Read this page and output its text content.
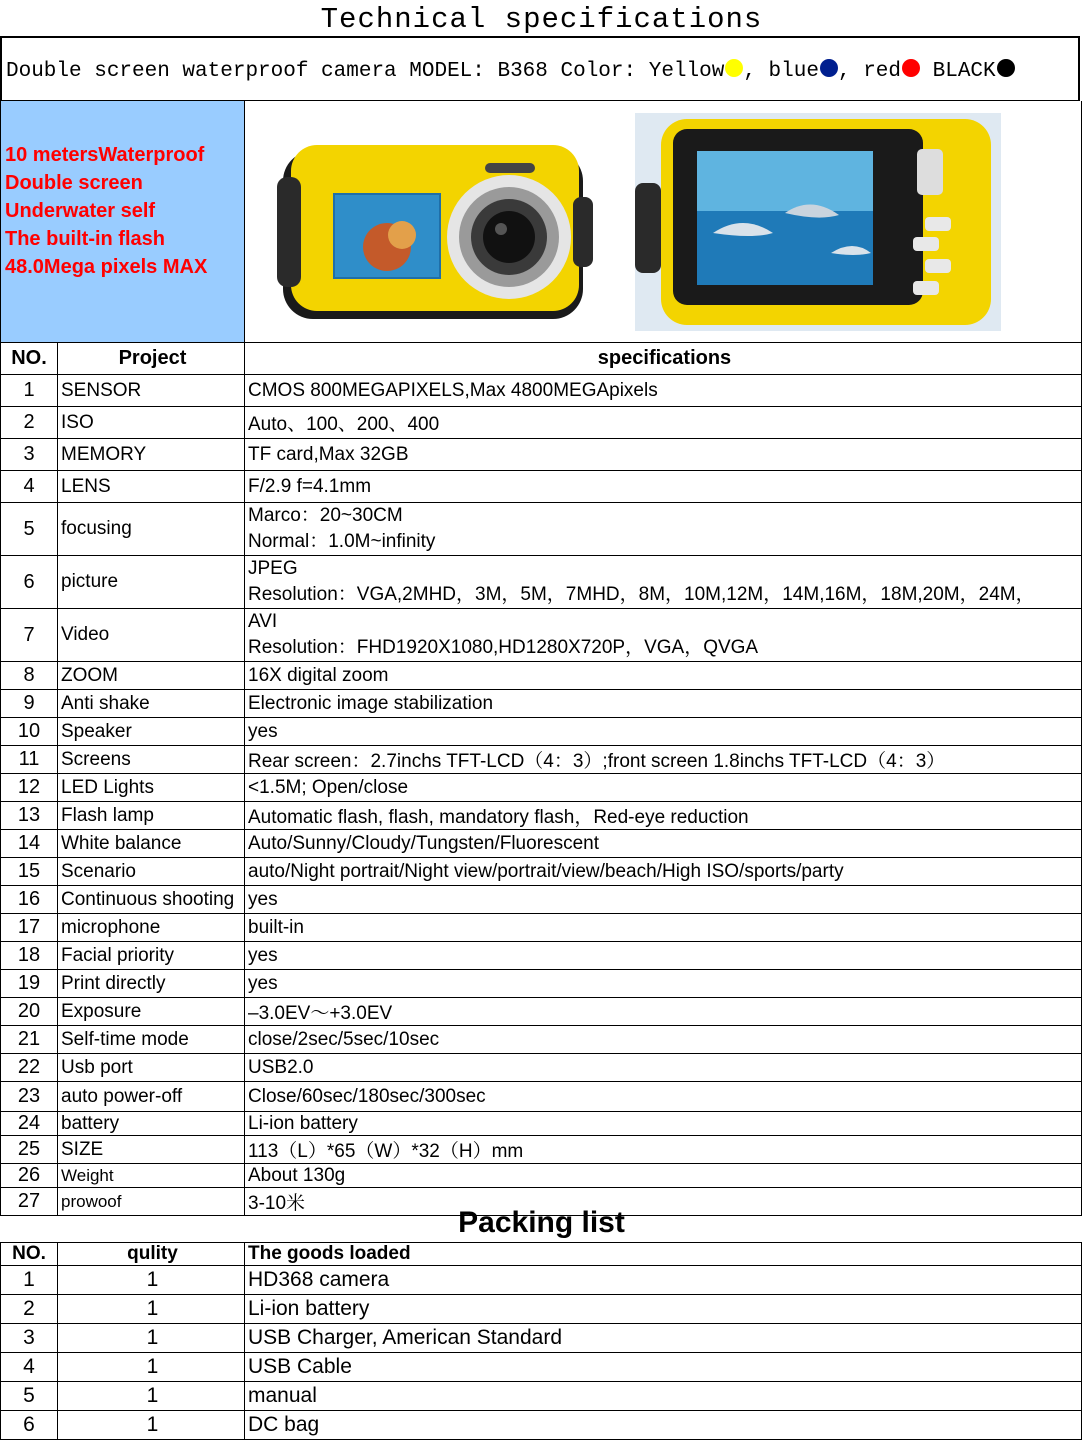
Technical specifications
Double screen waterproof camera MODEL: B368 Color: Yellow , blue , red BLACK
10 metersWaterproof
Double screen
Underwater self
The built-in flash
48.0Mega pixels MAX
NO.	Project	specifications
1	SENSOR	CMOS 800MEGAPIXELS,Max 4800MEGApixels
2	ISO	Auto、100、200、400
3	MEMORY	TF card,Max 32GB
4	LENS	F/2.9 f=4.1mm
5	focusing	Marco：20~30CM
Normal：1.0M~infinity

6	picture	JPEG
Resolution：VGA,2MHD，3M，5M，7MHD，8M，10M,12M，14M,16M，18M,20M，24M，

7	Video	AVI
Resolution：FHD1920X1080,HD1280X720P，VGA，QVGA

8	ZOOM	16X digital zoom
9	Anti shake	Electronic image stabilization
10	Speaker	yes
11	Screens	Rear screen：2.7inchs TFT-LCD（4：3）;front screen 1.8inchs TFT-LCD（4：3）
12	LED Lights	<1.5M; Open/close
13	Flash lamp	Automatic flash, flash, mandatory flash，Red-eye reduction
14	White balance	Auto/Sunny/Cloudy/Tungsten/Fluorescent
15	Scenario	auto/Night portrait/Night view/portrait/view/beach/High ISO/sports/party
16	Continuous shooting	yes
17	microphone	built-in
18	Facial priority	yes
19	Print directly	yes
20	Exposure	–3.0EV～+3.0EV
21	Self-time mode	close/2sec/5sec/10sec
22	Usb port	USB2.0
23	auto power-off	Close/60sec/180sec/300sec
24	battery	Li-ion battery
25	SIZE	113（L）*65（W）*32（H）mm
26	Weight	About 130g
27	prowoof	3-10米
Packing list
NO.	qulity	The goods loaded
1	1	HD368 camera
2	1	Li-ion battery
3	1	USB Charger, American Standard
4	1	USB Cable
5	1	manual
6	1	DC bag
